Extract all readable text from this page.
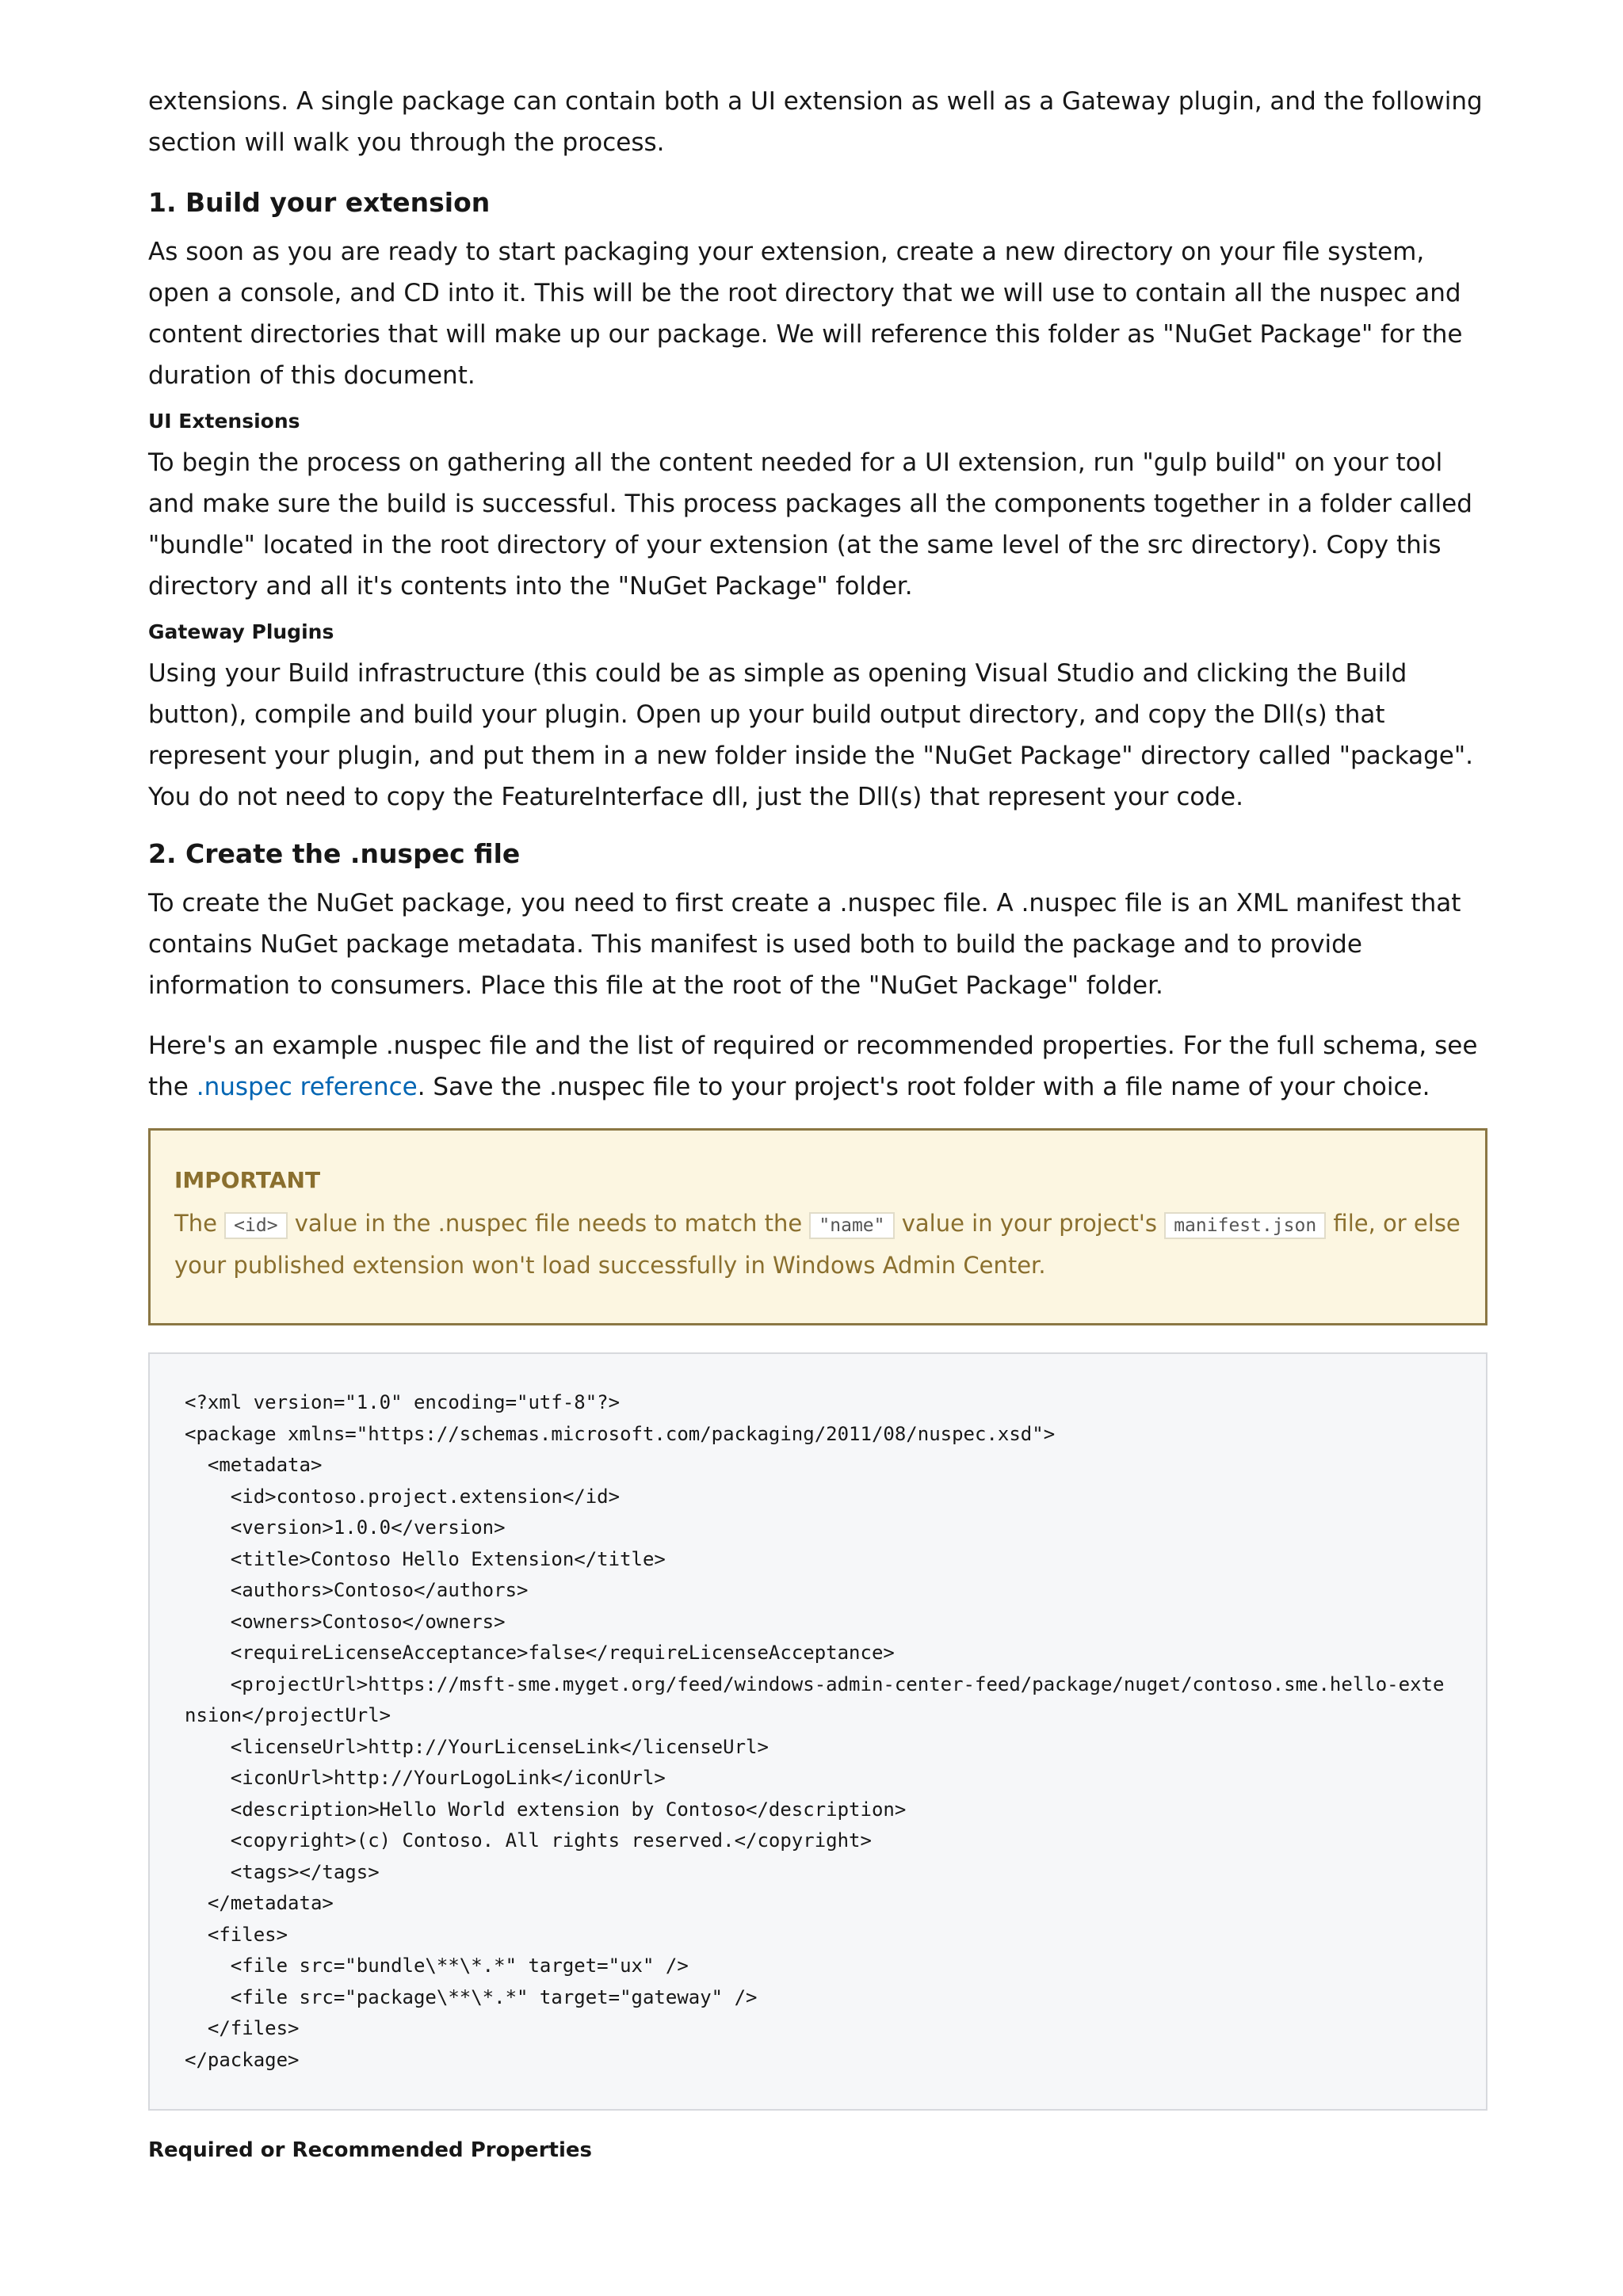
extensions. A single package can contain both a UI extension as well as a Gateway plugin, and the following section will walk you through the process.

1. Build your extension

As soon as you are ready to start packaging your extension, create a new directory on your file system, open a console, and CD into it. This will be the root directory that we will use to contain all the nuspec and content directories that will make up our package. We will reference this folder as "NuGet Package" for the duration of this document.

UI Extensions

To begin the process on gathering all the content needed for a UI extension, run "gulp build" on your tool and make sure the build is successful. This process packages all the components together in a folder called "bundle" located in the root directory of your extension (at the same level of the src directory). Copy this directory and all it's contents into the "NuGet Package" folder.

Gateway Plugins

Using your Build infrastructure (this could be as simple as opening Visual Studio and clicking the Build button), compile and build your plugin. Open up your build output directory, and copy the Dll(s) that represent your plugin, and put them in a new folder inside the "NuGet Package" directory called "package". You do not need to copy the FeatureInterface dll, just the Dll(s) that represent your code.

2. Create the .nuspec file

To create the NuGet package, you need to first create a .nuspec file. A .nuspec file is an XML manifest that contains NuGet package metadata. This manifest is used both to build the package and to provide information to consumers. Place this file at the root of the "NuGet Package" folder.

Here's an example .nuspec file and the list of required or recommended properties. For the full schema, see the .nuspec reference. Save the .nuspec file to your project's root folder with a file name of your choice.

IMPORTANT
The <id> value in the .nuspec file needs to match the "name" value in your project's manifest.json file, or else your published extension won't load successfully in Windows Admin Center.
<?xml version="1.0" encoding="utf-8"?>
<package xmlns="https://schemas.microsoft.com/packaging/2011/08/nuspec.xsd">
<metadata>
<id>contoso.project.extension</id>
<version>1.0.0</version>
<title>Contoso Hello Extension</title>
<authors>Contoso</authors>
<owners>Contoso</owners>
<requireLicenseAcceptance>false</requireLicenseAcceptance>
<projectUrl>https://msft-sme.myget.org/feed/windows-admin-center-feed/package/nuget/contoso.sme.hello-extension</projectUrl>
<licenseUrl>http://YourLicenseLink</licenseUrl>
<iconUrl>http://YourLogoLink</iconUrl>
<description>Hello World extension by Contoso</description>
<copyright>(c) Contoso. All rights reserved.</copyright>
<tags></tags>
</metadata>
<files>
<file src="bundle\**\*.*" target="ux" />
<file src="package\**\*.*" target="gateway" />
</files>
</package>
Required or Recommended Properties
